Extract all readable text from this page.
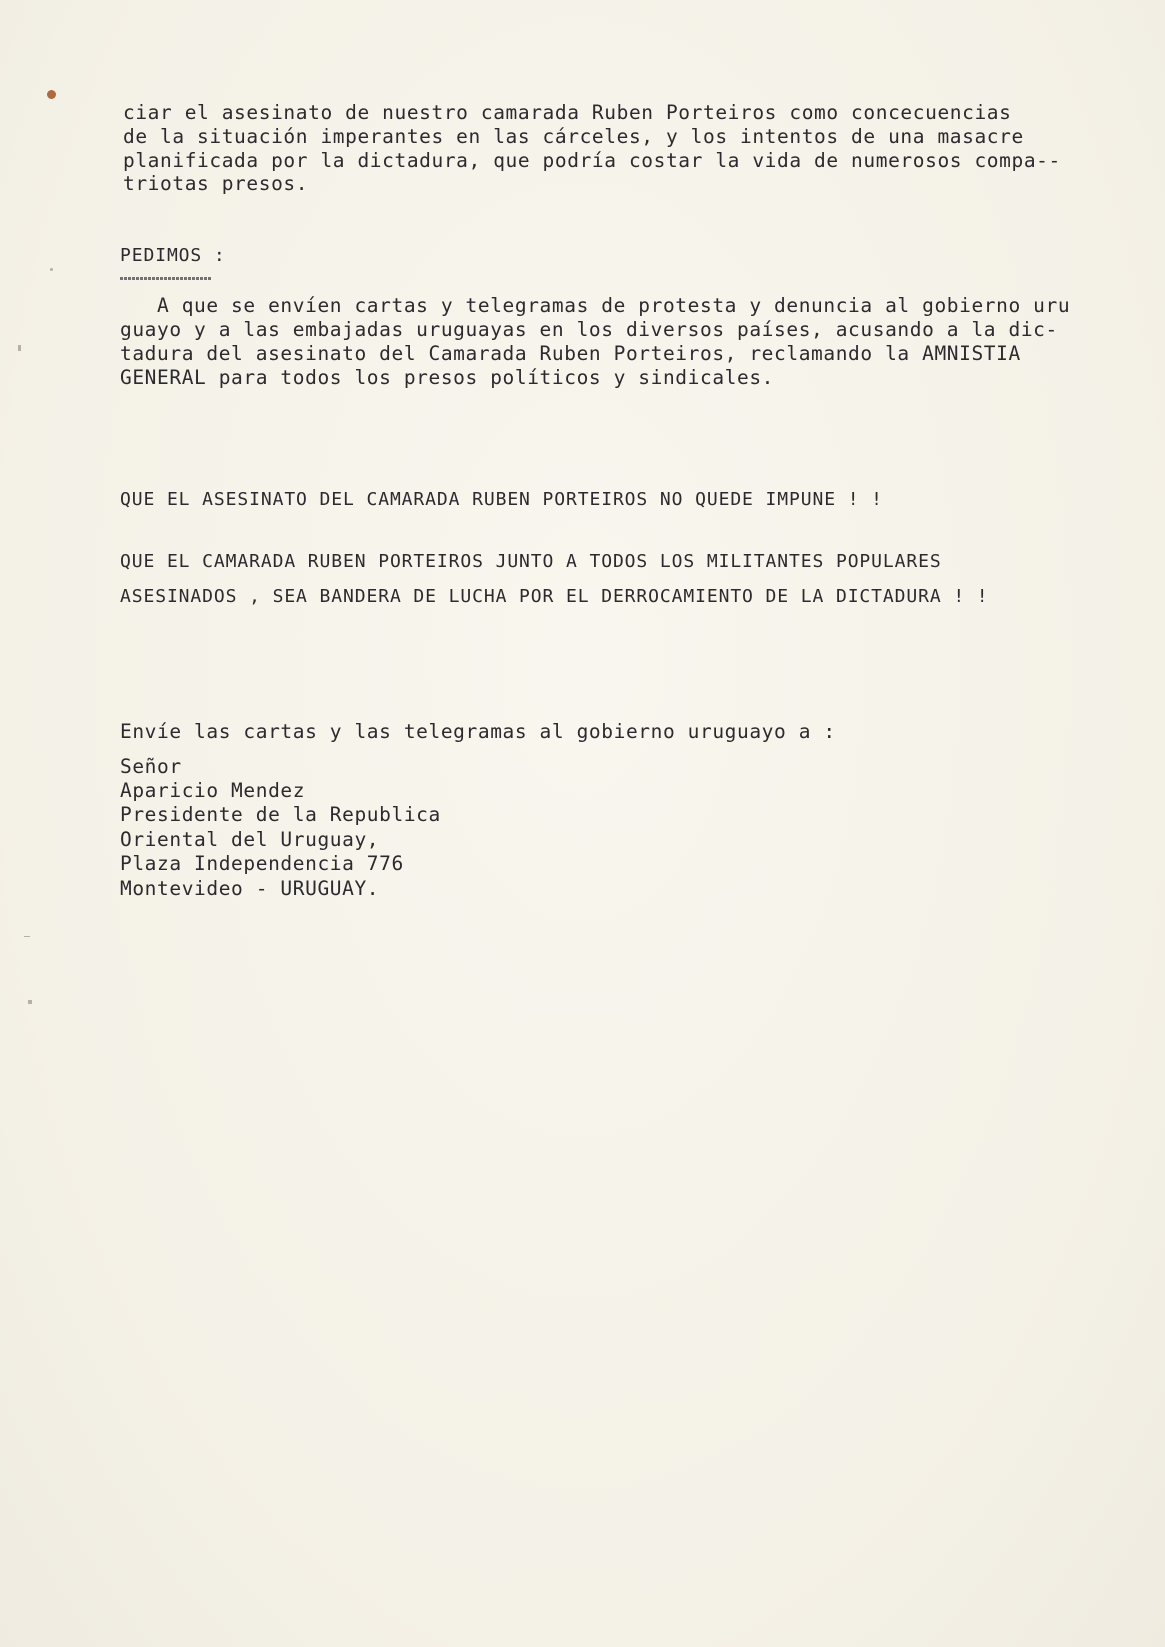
ciar el asesinato de nuestro camarada Ruben Porteiros como concecuencias
de la situación imperantes en las cárceles, y los intentos de una masacre
planificada por la dictadura, que podría costar la vida de numerosos compa--
triotas presos.
PEDIMOS :
A que se envíen cartas y telegramas de protesta y denuncia al gobierno uru
guayo y a las embajadas uruguayas en los diversos países, acusando a la dic-
tadura del asesinato del Camarada Ruben Porteiros, reclamando la AMNISTIA
GENERAL para todos los presos políticos y sindicales.
QUE EL ASESINATO DEL CAMARADA RUBEN PORTEIROS NO QUEDE IMPUNE ! !
QUE EL CAMARADA RUBEN PORTEIROS JUNTO A TODOS LOS MILITANTES POPULARES
ASESINADOS , SEA BANDERA DE LUCHA POR EL DERROCAMIENTO DE LA DICTADURA ! !
Envíe las cartas y las telegramas al gobierno uruguayo a :
Señor
Aparicio Mendez
Presidente de la Republica
Oriental del Uruguay,
Plaza Independencia 776
Montevideo - URUGUAY.
